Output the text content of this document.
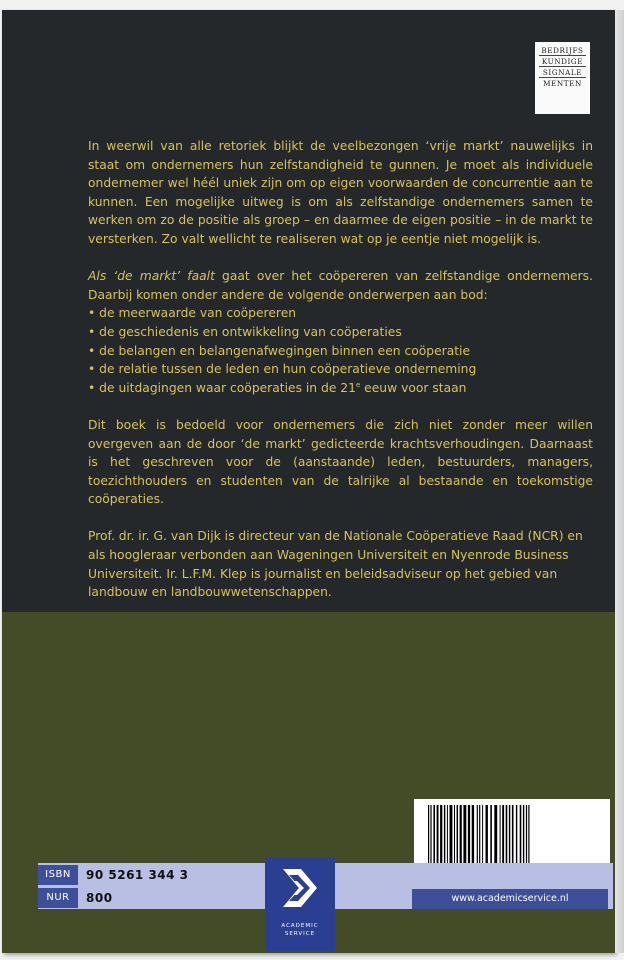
BEDRIJFS
KUNDIGE
SIGNALE
MENTEN

In weerwil van alle retoriek blijkt de veelbezongen ‘vrije markt’ nauwelijks in staat om ondernemers hun zelfstandigheid te gunnen. Je moet als individuele ondernemer wel héél uniek zijn om op eigen voorwaarden de concurrentie aan te kunnen. Een mogelijke uitweg is om als zelfstandige ondernemers samen te werken om zo de positie als groep – en daarmee de eigen positie – in de markt te versterken. Zo valt wellicht te realiseren wat op je eentje niet mogelijk is.

Als ‘de markt’ faalt gaat over het coöpereren van zelfstandige ondernemers. Daarbij komen onder andere de volgende onderwerpen aan bod:

• de meerwaarde van coöpereren
• de geschiedenis en ontwikkeling van coöperaties
• de belangen en belangenafwegingen binnen een coöperatie
• de relatie tussen de leden en hun coöperatieve onderneming
• de uitdagingen waar coöperaties in de 21e eeuw voor staan

Dit boek is bedoeld voor ondernemers die zich niet zonder meer willen overgeven aan de door ‘de markt’ gedicteerde krachtsverhoudingen. Daarnaast is het geschreven voor de (aanstaande) leden, bestuurders, managers, toezichthouders en studenten van de talrijke al bestaande en toekomstige coöperaties.

Prof. dr. ir. G. van Dijk is directeur van de Nationale Coöperatieve Raad (NCR) en als hoogleraar verbonden aan Wageningen Universiteit en Nyenrode Business Universiteit. Ir. L.F.M. Klep is journalist en beleidsadviseur op het gebied van landbouw en landbouwwetenschappen.

ISBN	90 5261 344 3
NUR	800
ACADEMIC
SERVICE
www.academicservice.nl
